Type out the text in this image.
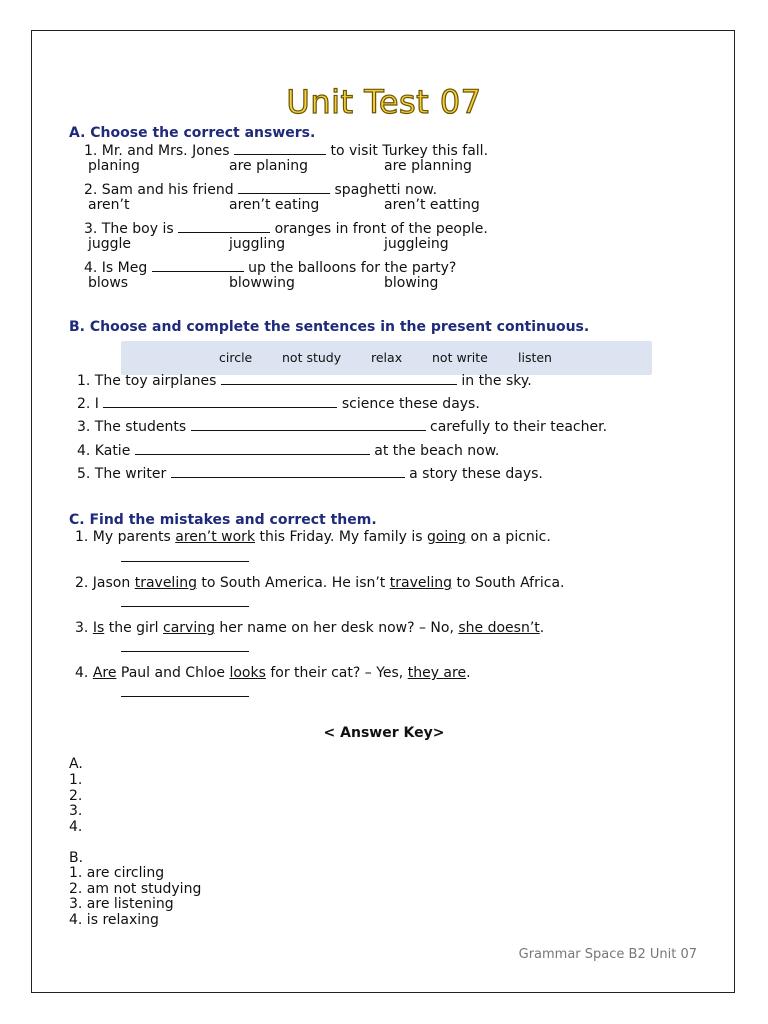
Unit Test 07
A. Choose the correct answers.
1. Mr. and Mrs. Jones	to visit Turkey this fall.
planing	are planing	are planning
2. Sam and his friend	spaghetti now.
aren’t	aren’t eating	aren’t eatting
3. The boy is	oranges in front of the people.
juggle	juggling	juggleing
4. Is Meg	up the balloons for the party?
blows	blowwing	blowing
B. Choose and complete the sentences in the present continuous.
circle not study relax not write listen
1. The toy airplanes	in the sky.
2. I	science these days.
3. The students	carefully to their teacher.
4. Katie	at the beach now.
5. The writer	a story these days.
C. Find the mistakes and correct them.
1. My parents aren’t work this Friday. My family is going on a picnic.
2. Jason traveling to South America. He isn’t traveling to South Africa.
3. Is the girl carving her name on her desk now? – No, she doesn’t.
4. Are Paul and Chloe looks for their cat? – Yes, they are.
< Answer Key>
A.
1.
2.
3.
4.
B.
1. are circling
2. am not studying
3. are listening
4. is relaxing
Grammar Space B2 Unit 07
